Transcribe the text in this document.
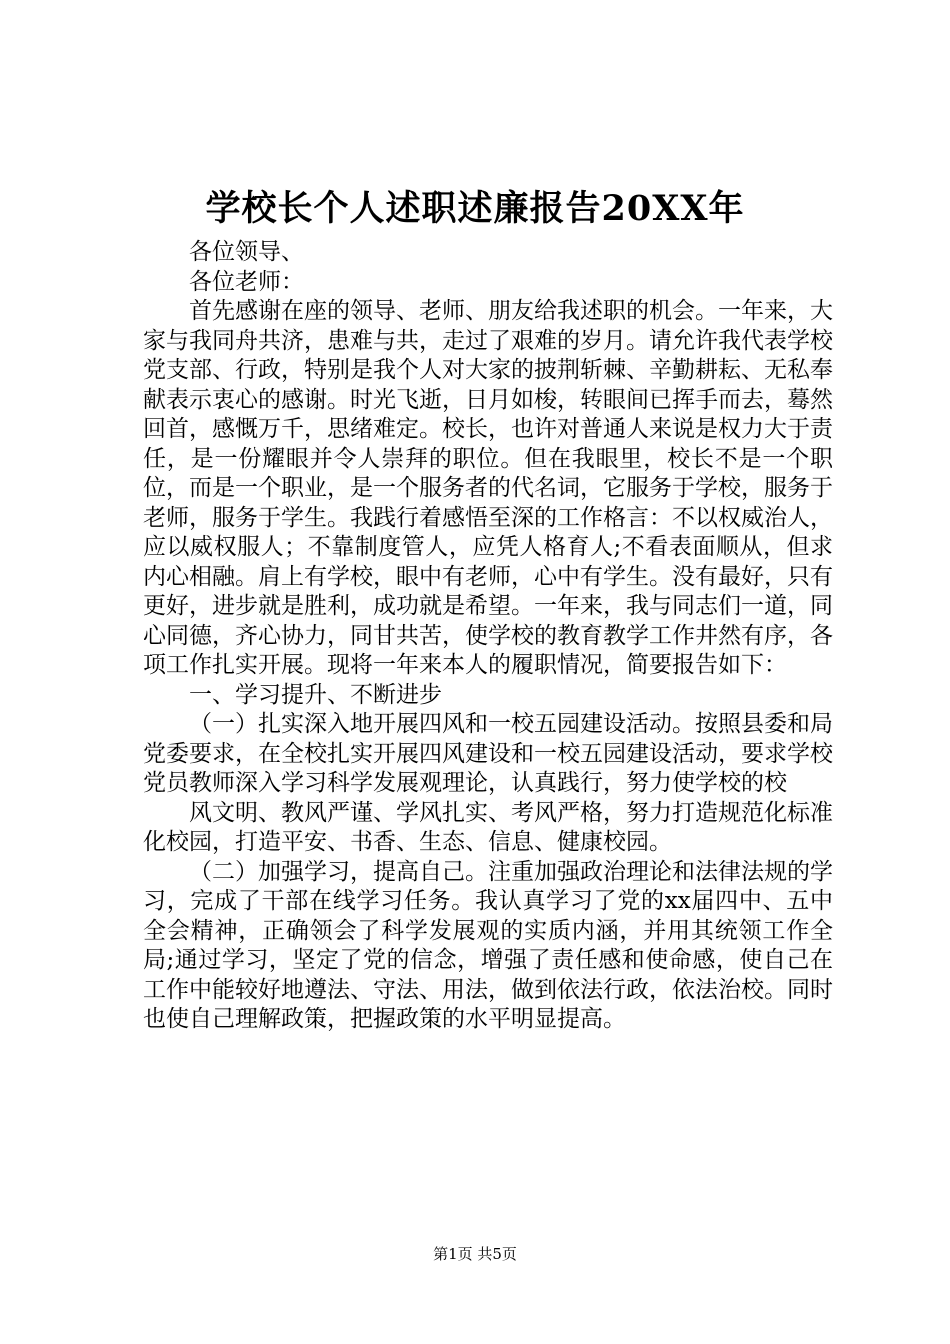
学校长个人述职述廉报告20XX年

各位领导、

各位老师：

首先感谢在座的领导、老师、朋友给我述职的机会。一年来，大家与我同舟共济，患难与共，走过了艰难的岁月。请允许我代表学校党支部、行政，特别是我个人对大家的披荆斩棘、辛勤耕耘、无私奉献表示衷心的感谢。时光飞逝，日月如梭，转眼间已挥手而去，蓦然回首，感慨万千，思绪难定。校长，也许对普通人来说是权力大于责任，是一份耀眼并令人崇拜的职位。但在我眼里，校长不是一个职位，而是一个职业，是一个服务者的代名词，它服务于学校，服务于老师，服务于学生。我践行着感悟至深的工作格言：不以权威治人，应以威权服人；不靠制度管人，应凭人格育人;不看表面顺从，但求内心相融。肩上有学校，眼中有老师，心中有学生。没有最好，只有更好，进步就是胜利，成功就是希望。一年来，我与同志们一道，同心同德，齐心协力，同甘共苦，使学校的教育教学工作井然有序，各项工作扎实开展。现将一年来本人的履职情况，简要报告如下：

一、学习提升、不断进步

（一）扎实深入地开展四风和一校五园建设活动。按照县委和局党委要求，在全校扎实开展四风建设和一校五园建设活动，要求学校党员教师深入学习科学发展观理论，认真践行，努力使学校的校

风文明、教风严谨、学风扎实、考风严格，努力打造规范化标准化校园，打造平安、书香、生态、信息、健康校园。

（二）加强学习，提高自己。注重加强政治理论和法律法规的学习，完成了干部在线学习任务。我认真学习了党的xx届四中、五中全会精神，正确领会了科学发展观的实质内涵，并用其统领工作全局;通过学习，坚定了党的信念，增强了责任感和使命感，使自己在工作中能较好地遵法、守法、用法，做到依法行政，依法治校。同时也使自己理解政策，把握政策的水平明显提高。

第1页 共5页
